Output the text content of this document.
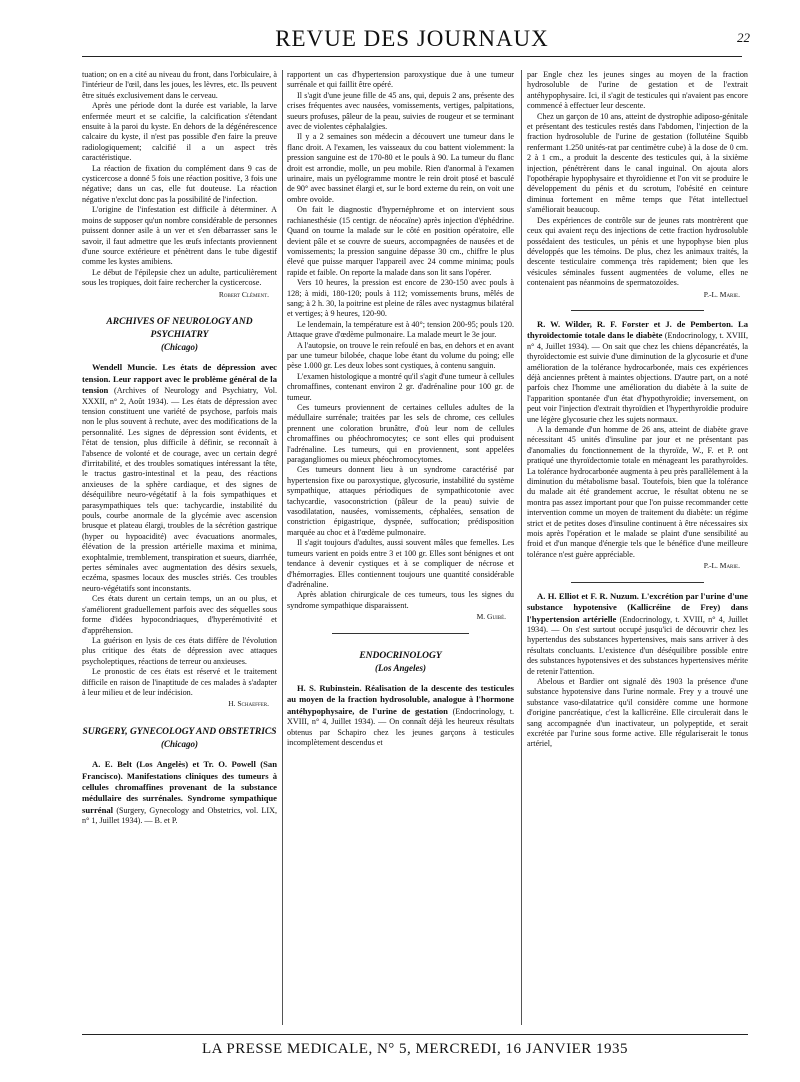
REVUE DES JOURNAUX	22

tuation; on en a cité au niveau du front, dans l'orbiculaire, à l'intérieur de l'œil, dans les joues, les lèvres, etc. Ils peuvent être situés exclusivement dans le cerveau.

Après une période dont la durée est variable, la larve enfermée meurt et se calcifie, la calcification s'étendant ensuite à la paroi du kyste. En dehors de la dégénérescence calcaire du kyste, il n'est pas possible d'en faire la preuve radiologiquement; calcifié il a un aspect très caractéristique.

La réaction de fixation du complément dans 9 cas de cysticercose a donné 5 fois une réaction positive, 3 fois une négative; dans un cas, elle fut douteuse. La réaction négative n'exclut donc pas la possibilité de l'infection.

L'origine de l'infestation est difficile à déterminer. A moins de supposer qu'un nombre considérable de personnes puissent donner asile à un ver et s'en débarrasser sans le savoir, il faut admettre que les œufs infectants proviennent d'une source extérieure et pénètrent dans le tube digestif comme les kystes amibiens.

Le début de l'épilepsie chez un adulte, particulièrement sous les tropiques, doit faire rechercher la cysticercose.

Robert Clément.
ARCHIVES OF NEUROLOGY AND PSYCHIATRY
(Chicago)

Wendell Muncie. Les états de dépression avec tension. Leur rapport avec le problème général de la tension (Archives of Neurology and Psychiatry, Vol. XXXII, n° 2, Août 1934). — Les états de dépression avec tension constituent une variété de psychose, parfois mais non le plus souvent à rechute, avec des modifications de la personnalité. Les signes de dépression sont évidents, et l'état de tension, plus difficile à définir, se reconnaît à l'absence de volonté et de courage, avec un certain degré d'irritabilité, et des troubles somatiques intéressant la tête, le tractus gastro-intestinal et la peau, des réactions anxieuses de la sphère cardiaque, et des signes de déséquilibre neuro-végétatif à la fois sympathiques et parasympathiques tels que: tachycardie, instabilité du pouls, courbe anormale de la glycémie avec ascension brusque et plateau élargi, troubles de la sécrétion gastrique (hyper ou hypoacidité) avec évacuations anormales, élévation de la pression artérielle maxima et minima, exophtalmie, tremblement, transpiration et sueurs, diarrhée, pertes séminales avec augmentation des désirs sexuels, eczéma, spasmes locaux des muscles striés. Ces troubles neuro-végétatifs sont inconstants.

Ces états durent un certain temps, un an ou plus, et s'améliorent graduellement parfois avec des séquelles sous forme d'idées hypocondriaques, d'hyperémotivité et d'appréhension.

La guérison en lysis de ces états diffère de l'évolution plus critique des états de dépression avec attaques psycholeptiques, réactions de terreur ou anxieuses.

Le pronostic de ces états est réservé et le traitement difficile en raison de l'inaptitude de ces malades à s'adapter à leur milieu et de leur indécision.

H. Schaeffer.
SURGERY, GYNECOLOGY AND OBSTETRICS
(Chicago)

A. E. Belt (Los Angelès) et Tr. O. Powell (San Francisco). Manifestations cliniques des tumeurs à cellules chromaffines provenant de la substance médullaire des surrénales. Syndrome sympathique surrénal (Surgery, Gynecology and Obstetrics, vol. LIX, n° 1, Juillet 1934). — B. et P.

rapportent un cas d'hypertension paroxystique due à une tumeur surrénale et qui faillit être opéré.

Il s'agit d'une jeune fille de 45 ans, qui, depuis 2 ans, présente des crises fréquentes avec nausées, vomissements, vertiges, palpitations, sueurs profuses, pâleur de la peau, suivies de rougeur et se terminant avec de violentes céphalalgies.

Il y a 2 semaines son médecin a découvert une tumeur dans le flanc droit. A l'examen, les vaisseaux du cou battent violemment: la pression sanguine est de 170-80 et le pouls à 90. La tumeur du flanc droit est arrondie, molle, un peu mobile. Rien d'anormal à l'examen urinaire, mais un pyélogramme montre le rein droit ptosé et basculé de 90° avec bassinet élargi et, sur le bord externe du rein, on voit une ombre ovoïde.

On fait le diagnostic d'hypernéphrome et on intervient sous rachianesthésie (15 centigr. de néocaïne) après injection d'éphédrine. Quand on tourne la malade sur le côté en position opératoire, elle devient pâle et se couvre de sueurs, accompagnées de nausées et de vomissements; la pression sanguine dépasse 30 cm., chiffre le plus élevé que puisse marquer l'appareil avec 24 comme minima; pouls rapide et faible. On reporte la malade dans son lit sans l'opérer.

Vers 10 heures, la pression est encore de 230-150 avec pouls à 128; à midi, 180-120; pouls à 112; vomissements bruns, mêlés de sang; à 2 h. 30, la poitrine est pleine de râles avec nystagmus bilatéral et vertiges; à 9 heures, 120-90.

Le lendemain, la température est à 40°; tension 200-95; pouls 120. Attaque grave d'œdème pulmonaire. La malade meurt le 3e jour.

A l'autopsie, on trouve le rein refoulé en bas, en dehors et en avant par une tumeur bilobée, chaque lobe étant du volume du poing; elle pèse 1.000 gr. Les deux lobes sont cystiques, à contenu sanguin.

L'examen histologique a montré qu'il s'agit d'une tumeur à cellules chromaffines, contenant environ 2 gr. d'adrénaline pour 100 gr. de tumeur.

Ces tumeurs proviennent de certaines cellules adultes de la médullaire surrénale; traitées par les sels de chrome, ces cellules prennent une coloration brunâtre, d'où leur nom de cellules chromaffines ou phéochromocytes; ce sont elles qui produisent l'adrénaline. Les tumeurs, qui en proviennent, sont appelées paragangliomes ou mieux phéochromocytomes.

Ces tumeurs donnent lieu à un syndrome caractérisé par hypertension fixe ou paroxystique, glycosurie, instabilité du système sympathique, attaques périodiques de sympathicotonie avec tachycardie, vasoconstriction (pâleur de la peau) suivie de vasodilatation, nausées, vomissements, céphalées, sensation de constriction épigastrique, dyspnée, suffocation; prédisposition marquée au choc et à l'œdème pulmonaire.

Il s'agit toujours d'adultes, aussi souvent mâles que femelles. Les tumeurs varient en poids entre 3 et 100 gr. Elles sont bénignes et ont tendance à devenir cystiques et à se compliquer de nécrose et d'hémorragies. Elles contiennent toujours une quantité considérable d'adrénaline.

Après ablation chirurgicale de ces tumeurs, tous les signes du syndrome sympathique disparaissent.

M. Guibé.
ENDOCRINOLOGY
(Los Angeles)

H. S. Rubinstein. Réalisation de la descente des testicules au moyen de la fraction hydrosoluble, analogue à l'hormone antéhypophysaire, de l'urine de gestation (Endocrinology, t. XVIII, n° 4, Juillet 1934). — On connaît déjà les heureux résultats obtenus par Schapiro chez les jeunes garçons à testicules incomplètement descendus et

par Engle chez les jeunes singes au moyen de la fraction hydrosoluble de l'urine de gestation et de l'extrait antéhypophysaire. Ici, il s'agit de testicules qui n'avaient pas encore commencé à effectuer leur descente.

Chez un garçon de 10 ans, atteint de dystrophie adiposo-génitale et présentant des testicules restés dans l'abdomen, l'injection de la fraction hydrosoluble de l'urine de gestation (follutéine Squibb renfermant 1.250 unités-rat par centimètre cube) à la dose de 0 cm. 2 à 1 cm., a produit la descente des testicules qui, à la sixième injection, pénétrèrent dans le canal inguinal. On ajouta alors l'opothérapie hypophysaire et thyroïdienne et l'on vit se produire le développement du pénis et du scrotum, l'obésité en ceinture diminua fortement en même temps que l'état intellectuel s'améliorait beaucoup.

Des expériences de contrôle sur de jeunes rats montrèrent que ceux qui avaient reçu des injections de cette fraction hydrosoluble possédaient des testicules, un pénis et une hypophyse bien plus développés que les témoins. De plus, chez les animaux traités, la descente testiculaire commença très rapidement; bien que les vésicules séminales fussent augmentées de volume, elles ne contenaient pas néanmoins de spermatozoïdes.

P.-L. Marie.

R. W. Wilder, R. F. Forster et J. de Pemberton. La thyroïdectomie totale dans le diabète (Endocrinology, t. XVIII, n° 4, Juillet 1934). — On sait que chez les chiens dépancréatés, la thyroïdectomie est suivie d'une diminution de la glycosurie et d'une amélioration de la tolérance hydrocarbonée, mais ces expériences déjà anciennes prêtent à maintes objections. D'autre part, on a noté parfois chez l'homme une amélioration du diabète à la suite de l'apparition spontanée d'un état d'hypothyroïdie; inversement, on peut voir l'injection d'extrait thyroïdien et l'hyperthyroïdie produire une légère glycosurie chez les sujets normaux.

A la demande d'un homme de 26 ans, atteint de diabète grave nécessitant 45 unités d'insuline par jour et ne présentant pas d'anomalies du fonctionnement de la thyroïde, W., F. et P. ont pratiqué une thyroïdectomie totale en ménageant les parathyroïdes. La tolérance hydrocarbonée augmenta à peu près parallèlement à la diminution du métabolisme basal. Toutefois, bien que la tolérance du malade ait été grandement accrue, le résultat obtenu ne se montra pas assez important pour que l'on puisse recommander cette intervention comme un moyen de traitement du diabète: un régime strict et de petites doses d'insuline continuent à être nécessaires six mois après l'opération et le malade se plaint d'une sensibilité au froid et d'un manque d'énergie tels que le bénéfice d'une meilleure tolérance n'est guère appréciable.

P.-L. Marie.

A. H. Elliot et F. R. Nuzum. L'excrétion par l'urine d'une substance hypotensive (Kallicréine de Frey) dans l'hypertension artérielle (Endocrinology, t. XVIII, n° 4, Juillet 1934). — On s'est surtout occupé jusqu'ici de découvrir chez les hypertendus des substances hypertensives, mais sans arriver à des résultats concluants. L'existence d'un déséquilibre possible entre des substances hypotensives et des substances hypertensives mérite de retenir l'attention.

Abelous et Bardier ont signalé dès 1903 la présence d'une substance hypotensive dans l'urine normale. Frey y a trouvé une substance vaso-dilatatrice qu'il considère comme une hormone d'origine pancréatique, c'est la kallicréine. Elle circulerait dans le sang accompagnée d'un inactivateur, un polypeptide, et serait excrétée par l'urine sous forme active. Elle régulariserait le tonus artériel,

LA PRESSE MEDICALE, N° 5, MERCREDI, 16 JANVIER 1935
